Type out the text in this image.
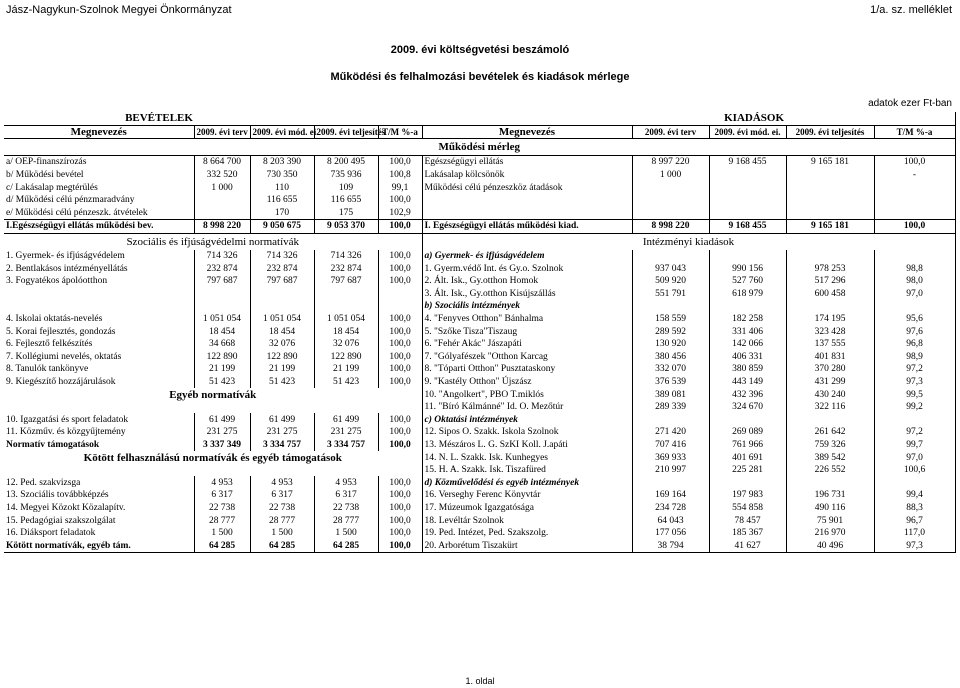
Jász-Nagykun-Szolnok Megyei Önkormányzat	1/a. sz. melléklet
2009. évi költségvetési beszámoló
Működési és felhalmozási bevételek és kiadások mérlege
adatok ezer Ft-ban
BEVÉTELEK					KIADÁSOK				
Megnevezés	2009. évi terv	2009. évi mód. ei.	2009. évi teljesítés	T/M %-a	Megnevezés	2009. évi terv	2009. évi mód. ei.	2009. évi teljesítés	T/M %-a
Működési mérleg									
a/ OEP-finanszírozás	8 664 700	8 203 390	8 200 495	100,0	Egészségügyi ellátás	8 997 220	9 168 455	9 165 181	100,0
b/ Működési bevétel	332 520	730 350	735 936	100,8	Lakásalap kölcsönök	1 000			-
c/ Lakásalap megtérülés	1 000	110	109	99,1	Működési célú pénzeszköz átadások				
d/ Működési célú pénzmaradvány		116 655	116 655	100,0					
e/ Működési célú pénzeszk. átvételek		170	175	102,9					
I.Egészségügyi ellátás működési bev.	8 998 220	9 050 675	9 053 370	100,0	I. Egészségügyi ellátás működési kiad.	8 998 220	9 168 455	9 165 181	100,0
Szociális és ifjúságvédelmi normatívák					Intézményi kiadások				
1. Gyermek- és ifjúságvédelem	714 326	714 326	714 326	100,0	a) Gyermek- és ifjúságvédelem				
2. Bentlakásos intézményellátás	232 874	232 874	232 874	100,0	1. Gyerm.védő Int. és Gy.o. Szolnok	937 043	990 156	978 253	98,8
3. Fogyatékos ápolóotthon	797 687	797 687	797 687	100,0	2. Ált. Isk., Gy.otthon Homok	509 920	527 760	517 296	98,0
					3. Ált. Isk., Gy.otthon Kisújszállás	551 791	618 979	600 458	97,0
					b) Szociális intézmények				
4. Iskolai oktatás-nevelés	1 051 054	1 051 054	1 051 054	100,0	4. "Fenyves Otthon" Bánhalma	158 559	182 258	174 195	95,6
5. Korai fejlesztés, gondozás	18 454	18 454	18 454	100,0	5. "Szőke Tisza"Tiszaug	289 592	331 406	323 428	97,6
6. Fejlesztő felkészítés	34 668	32 076	32 076	100,0	6. "Fehér Akác" Jászapáti	130 920	142 066	137 555	96,8
7. Kollégiumi nevelés, oktatás	122 890	122 890	122 890	100,0	7. "Gólyafészek "Otthon Karcag	380 456	406 331	401 831	98,9
8. Tanulók tankönyve	21 199	21 199	21 199	100,0	8. "Tóparti Otthon" Pusztataskony	332 070	380 859	370 280	97,2
9. Kiegészítő hozzájárulások	51 423	51 423	51 423	100,0	9. "Kastély Otthon" Újszász	376 539	443 149	431 299	97,3
Egyéb normatívák					10. "Angolkert", PBO T.miklós	389 081	432 396	430 240	99,5
					11. "Bíró Kálmánné" Id. O. Mezőtúr	289 339	324 670	322 116	99,2
10. Igazgatási és sport feladatok	61 499	61 499	61 499	100,0	c) Oktatási intézmények				
11. Közműv. és közgyűjtemény	231 275	231 275	231 275	100,0	12. Sipos O. Szakk. Iskola Szolnok	271 420	269 089	261 642	97,2
Normatív támogatások	3 337 349	3 334 757	3 334 757	100,0	13. Mészáros L. G. SzKI Koll. J.apáti	707 416	761 966	759 326	99,7
Kötött felhasználású normatívák és egyéb támogatások					14. N. L. Szakk. Isk. Kunhegyes	369 933	401 691	389 542	97,0
					15. H. A. Szakk. Isk. Tiszafüred	210 997	225 281	226 552	100,6
12. Ped. szakvizsga	4 953	4 953	4 953	100,0	d) Közművelődési és egyéb intézmények				
13. Szociális továbbképzés	6 317	6 317	6 317	100,0	16. Verseghy Ferenc Könyvtár	169 164	197 983	196 731	99,4
14. Megyei Közokt Közalapítv.	22 738	22 738	22 738	100,0	17. Múzeumok Igazgatósága	234 728	554 858	490 116	88,3
15. Pedagógiai szakszolgálat	28 777	28 777	28 777	100,0	18. Levéltár Szolnok	64 043	78 457	75 901	96,7
16. Diáksport feladatok	1 500	1 500	1 500	100,0	19. Ped. Intézet, Ped. Szakszolg.	177 056	185 367	216 970	117,0
Kötött normatívák, egyéb tám.	64 285	64 285	64 285	100,0	20. Arborétum Tiszakürt	38 794	41 627	40 496	97,3
1. oldal
